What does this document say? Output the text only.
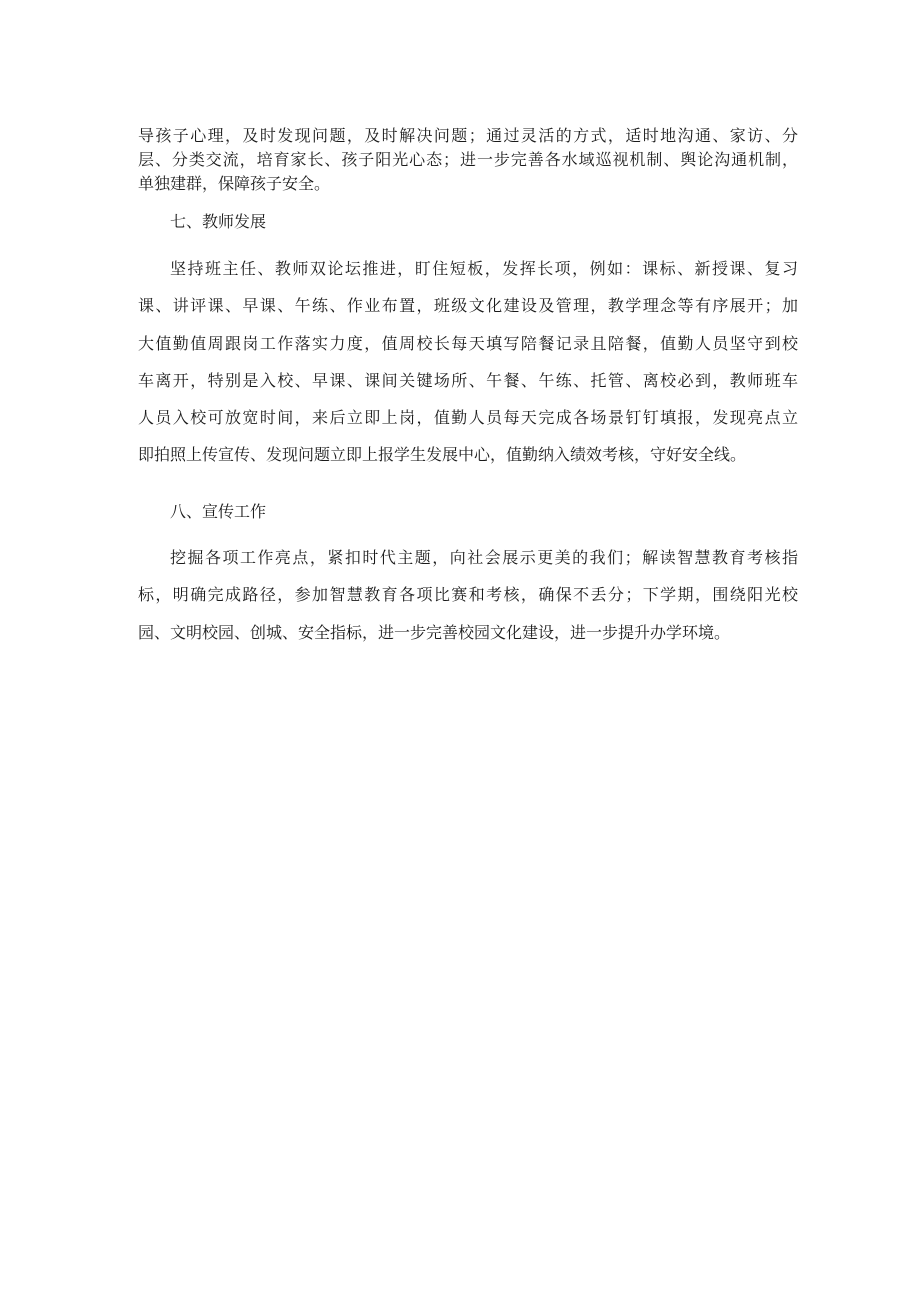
导孩子心理，及时发现问题，及时解决问题；通过灵活的方式，适时地沟通、家访、分
层、分类交流，培育家长、孩子阳光心态；进一步完善各水域巡视机制、舆论沟通机制，
单独建群，保障孩子安全。
七、教师发展
坚持班主任、教师双论坛推进，盯住短板，发挥长项，例如：课标、新授课、复习
课、讲评课、早课、午练、作业布置，班级文化建设及管理，教学理念等有序展开；加
大值勤值周跟岗工作落实力度，值周校长每天填写陪餐记录且陪餐，值勤人员坚守到校
车离开，特别是入校、早课、课间关键场所、午餐、午练、托管、离校必到，教师班车
人员入校可放宽时间，来后立即上岗，值勤人员每天完成各场景钉钉填报，发现亮点立
即拍照上传宣传、发现问题立即上报学生发展中心，值勤纳入绩效考核，守好安全线。
八、宣传工作
挖掘各项工作亮点，紧扣时代主题，向社会展示更美的我们；解读智慧教育考核指
标，明确完成路径，参加智慧教育各项比赛和考核，确保不丢分；下学期，围绕阳光校
园、文明校园、创城、安全指标，进一步完善校园文化建设，进一步提升办学环境。
